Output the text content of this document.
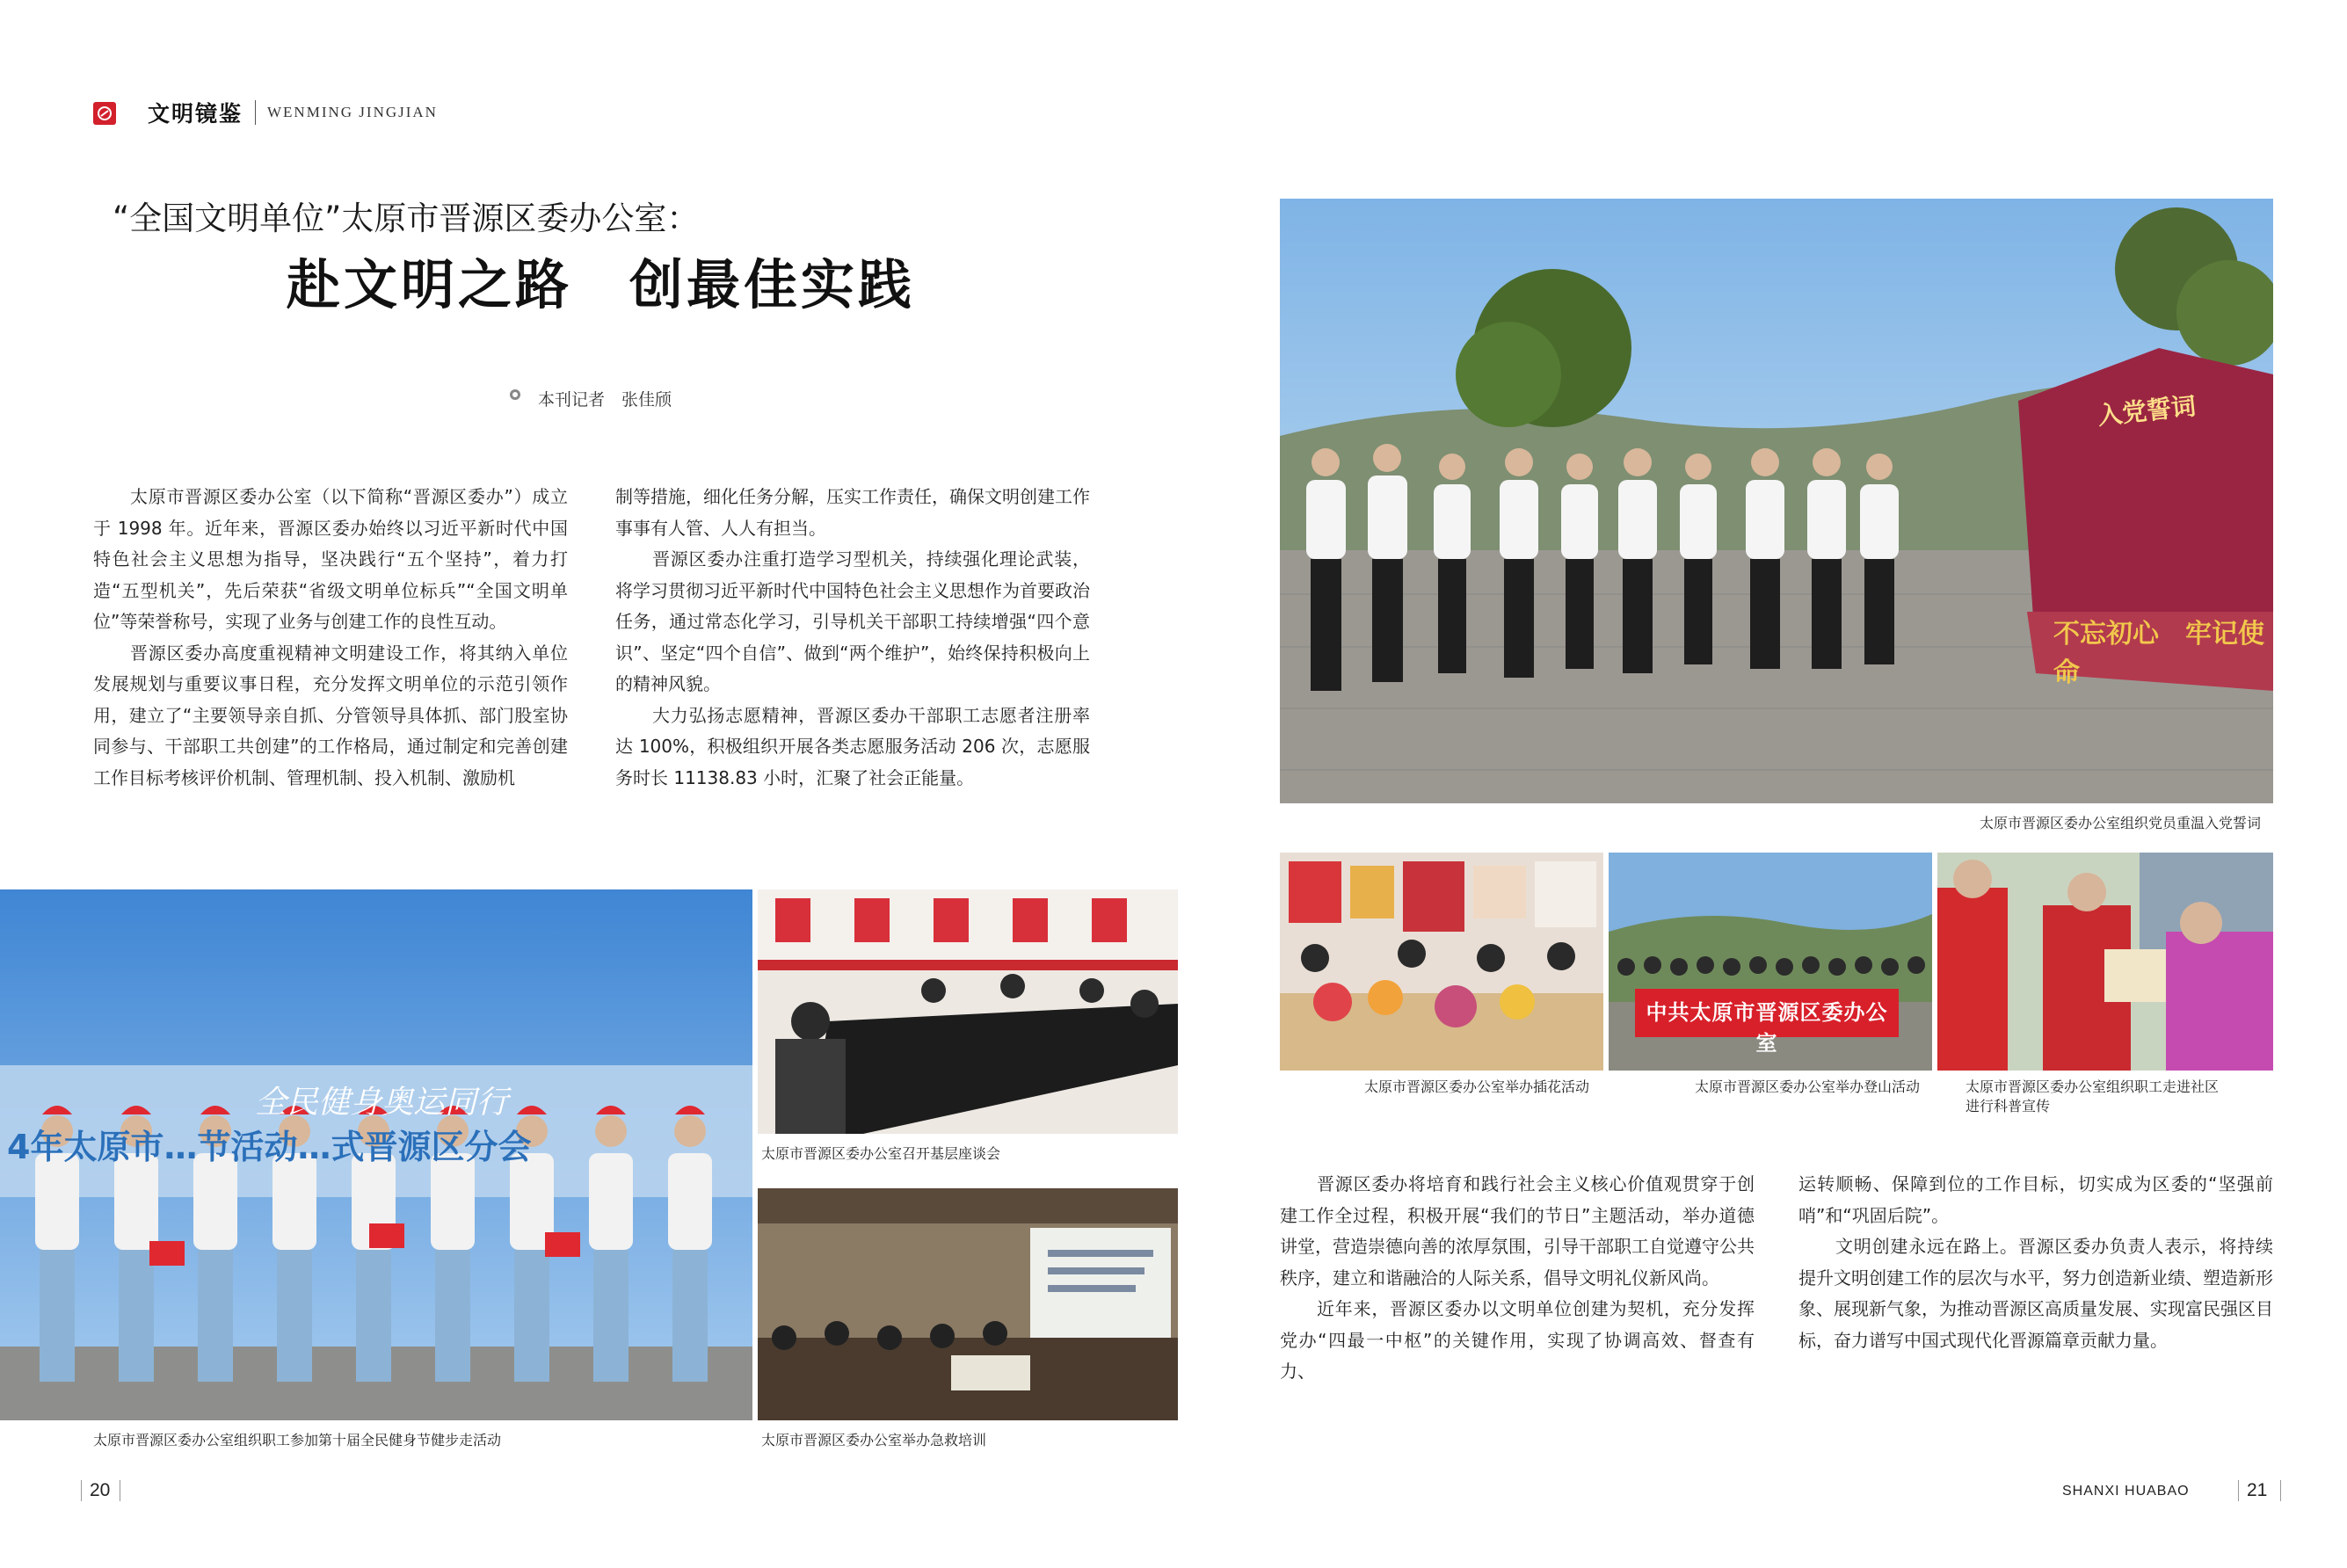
文明镜鉴 WENMING JINGJIAN
“全国文明单位”太原市晋源区委办公室：
赴文明之路　创最佳实践
本刊记者　张佳颀

太原市晋源区委办公室（以下简称“晋源区委办”）成立于 1998 年。近年来，晋源区委办始终以习近平新时代中国特色社会主义思想为指导，坚决践行“五个坚持”，着力打造“五型机关”，先后荣获“省级文明单位标兵”“全国文明单位”等荣誉称号，实现了业务与创建工作的良性互动。

晋源区委办高度重视精神文明建设工作，将其纳入单位发展规划与重要议事日程，充分发挥文明单位的示范引领作用，建立了“主要领导亲自抓、分管领导具体抓、部门股室协同参与、干部职工共创建”的工作格局，通过制定和完善创建工作目标考核评价机制、管理机制、投入机制、激励机

制等措施，细化任务分解，压实工作责任，确保文明创建工作事事有人管、人人有担当。

晋源区委办注重打造学习型机关，持续强化理论武装，将学习贯彻习近平新时代中国特色社会主义思想作为首要政治任务，通过常态化学习，引导机关干部职工持续增强“四个意识”、坚定“四个自信”、做到“两个维护”，始终保持积极向上的精神风貌。

大力弘扬志愿精神，晋源区委办干部职工志愿者注册率达 100%，积极组织开展各类志愿服务活动 206 次，志愿服务时长 11138.83 小时，汇聚了社会正能量。

晋源区委办将培育和践行社会主义核心价值观贯穿于创建工作全过程，积极开展“我们的节日”主题活动，举办道德讲堂，营造崇德向善的浓厚氛围，引导干部职工自觉遵守公共秩序，建立和谐融洽的人际关系，倡导文明礼仪新风尚。

近年来，晋源区委办以文明单位创建为契机，充分发挥党办“四最一中枢”的关键作用，实现了协调高效、督查有力、

运转顺畅、保障到位的工作目标，切实成为区委的“坚强前哨”和“巩固后院”。

文明创建永远在路上。晋源区委办负责人表示，将持续提升文明创建工作的层次与水平，努力创造新业绩、塑造新形象、展现新气象，为推动晋源区高质量发展、实现富民强区目标，奋力谱写中国式现代化晋源篇章贡献力量。

入党誓词
不忘初心　牢记使命
太原市晋源区委办公室组织党员重温入党誓词
太原市晋源区委办公室举办插花活动
中共太原市晋源区委办公室
太原市晋源区委办公室举办登山活动	太原市晋源区委办公室组织职工走进社区
进行科普宣传
全民健身奥运同行
4年太原市…节活动…式晋源区分会
太原市晋源区委办公室组织职工参加第十届全民健身节健步走活动
太原市晋源区委办公室召开基层座谈会
太原市晋源区委办公室举办急救培训
20	SHANXI HUABAO	21
